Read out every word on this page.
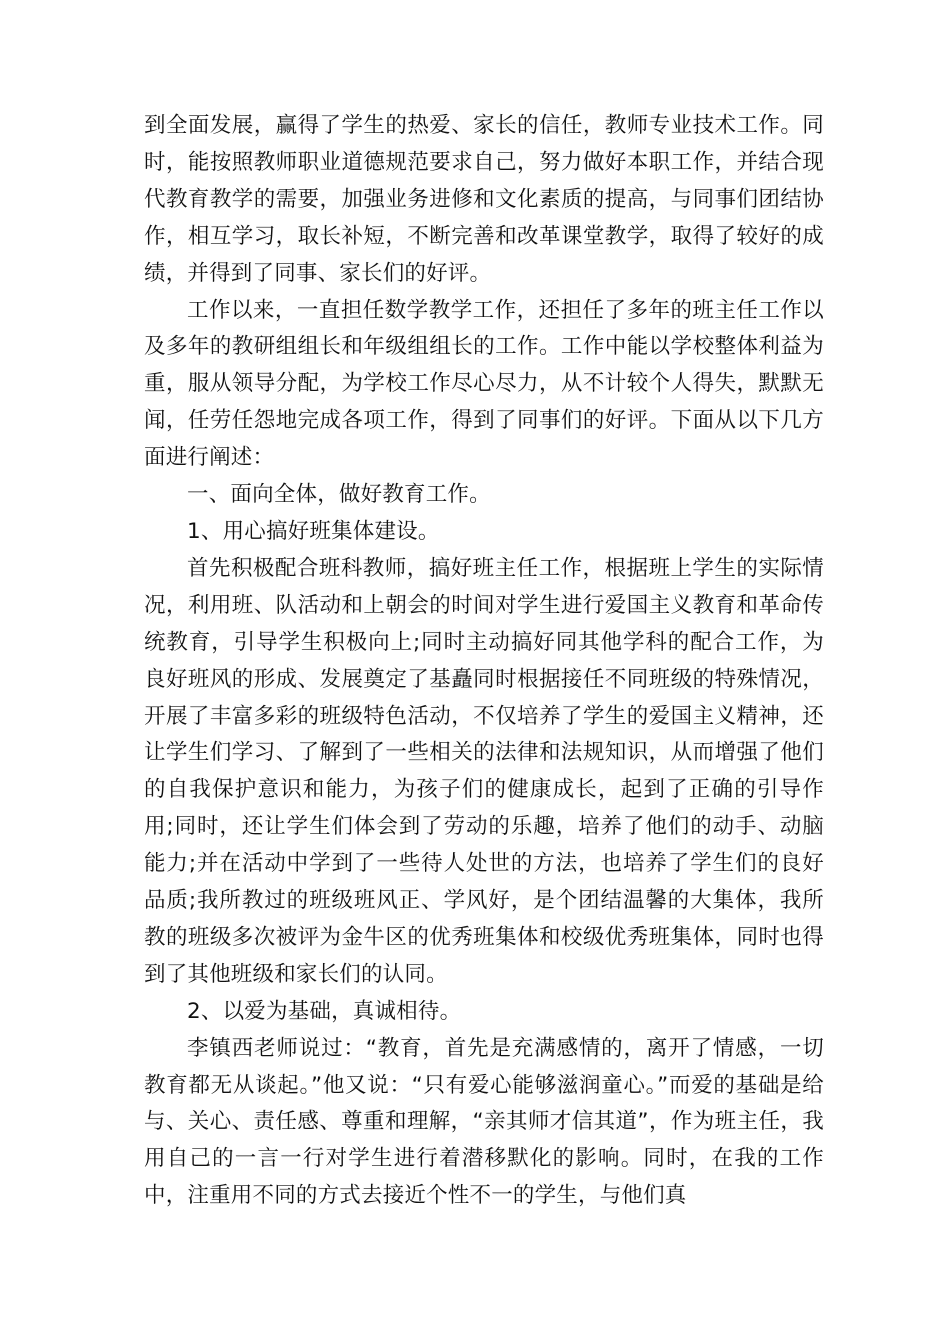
到全面发展，赢得了学生的热爱、家长的信任，教师专业技术工作。同时，能按照教师职业道德规范要求自己，努力做好本职工作，并结合现代教育教学的需要，加强业务进修和文化素质的提高，与同事们团结协作，相互学习，取长补短，不断完善和改革课堂教学，取得了较好的成绩，并得到了同事、家长们的好评。

工作以来，一直担任数学教学工作，还担任了多年的班主任工作以及多年的教研组组长和年级组组长的工作。工作中能以学校整体利益为重，服从领导分配，为学校工作尽心尽力，从不计较个人得失，默默无闻，任劳任怨地完成各项工作，得到了同事们的好评。下面从以下几方面进行阐述：

一、面向全体，做好教育工作。

1、用心搞好班集体建设。

首先积极配合班科教师，搞好班主任工作，根据班上学生的实际情况，利用班、队活动和上朝会的时间对学生进行爱国主义教育和革命传统教育，引导学生积极向上;同时主动搞好同其他学科的配合工作，为良好班风的形成、发展奠定了基矗同时根据接任不同班级的特殊情况，开展了丰富多彩的班级特色活动，不仅培养了学生的爱国主义精神，还让学生们学习、了解到了一些相关的法律和法规知识，从而增强了他们的自我保护意识和能力，为孩子们的健康成长，起到了正确的引导作用;同时，还让学生们体会到了劳动的乐趣，培养了他们的动手、动脑能力;并在活动中学到了一些待人处世的方法，也培养了学生们的良好品质;我所教过的班级班风正、学风好，是个团结温馨的大集体，我所教的班级多次被评为金牛区的优秀班集体和校级优秀班集体，同时也得到了其他班级和家长们的认同。

2、以爱为基础，真诚相待。

李镇西老师说过：“教育，首先是充满感情的，离开了情感，一切教育都无从谈起。”他又说：“只有爱心能够滋润童心。”而爱的基础是给与、关心、责任感、尊重和理解，“亲其师才信其道”，作为班主任，我用自己的一言一行对学生进行着潜移默化的影响。同时，在我的工作中，注重用不同的方式去接近个性不一的学生，与他们真
